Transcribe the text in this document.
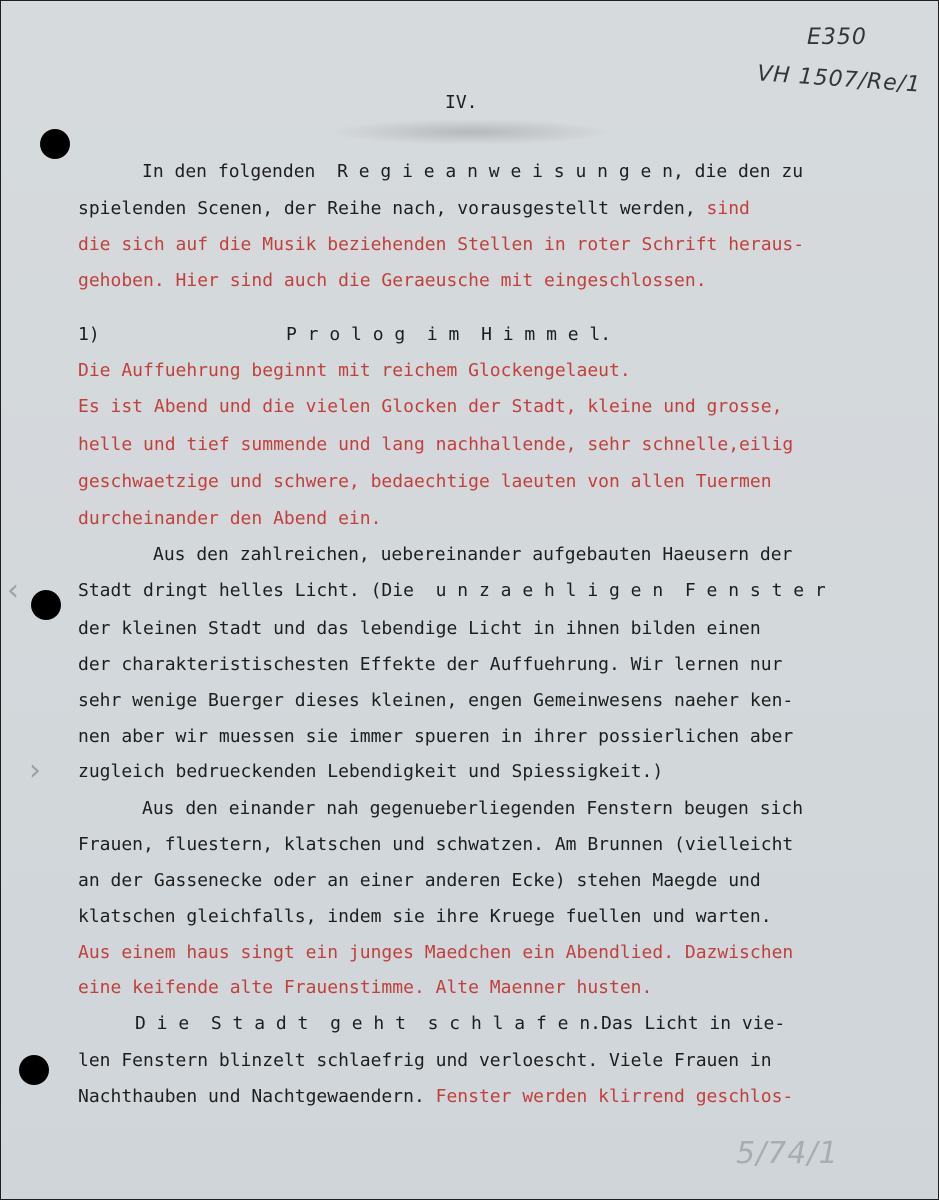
E350
VH 1507/Re/1
5/74/1
‹
›
IV.
In den folgenden  R e g i e a n w e i s u n g e n, die den zu
spielenden Scenen, der Reihe nach, vorausgestellt werden, sind
die sich auf die Musik beziehenden Stellen in roter Schrift heraus-
gehoben. Hier sind auch die Geraeusche mit eingeschlossen.
1)	P r o l o g  i m  H i m m e l.
Die Auffuehrung beginnt mit reichem Glockengelaeut.
Es ist Abend und die vielen Glocken der Stadt, kleine und grosse,
helle und tief summende und lang nachhallende, sehr schnelle,eilig
geschwaetzige und schwere, bedaechtige laeuten von allen Tuermen
durcheinander den Abend ein.
Aus den zahlreichen, uebereinander aufgebauten Haeusern der
Stadt dringt helles Licht. (Die  u n z a e h l i g e n  F e n s t e r
der kleinen Stadt und das lebendige Licht in ihnen bilden einen
der charakteristischesten Effekte der Auffuehrung. Wir lernen nur
sehr wenige Buerger dieses kleinen, engen Gemeinwesens naeher ken-
nen aber wir muessen sie immer spueren in ihrer possierlichen aber
zugleich bedrueckenden Lebendigkeit und Spiessigkeit.)
Aus den einander nah gegenueberliegenden Fenstern beugen sich
Frauen, fluestern, klatschen und schwatzen. Am Brunnen (vielleicht
an der Gassenecke oder an einer anderen Ecke) stehen Maegde und
klatschen gleichfalls, indem sie ihre Kruege fuellen und warten.
Aus einem haus singt ein junges Maedchen ein Abendlied. Dazwischen
eine keifende alte Frauenstimme. Alte Maenner husten.
D i e  S t a d t  g e h t  s c h l a f e n.Das Licht in vie-
len Fenstern blinzelt schlaefrig und verloescht. Viele Frauen in
Nachthauben und Nachtgewaendern. Fenster werden klirrend geschlos-
